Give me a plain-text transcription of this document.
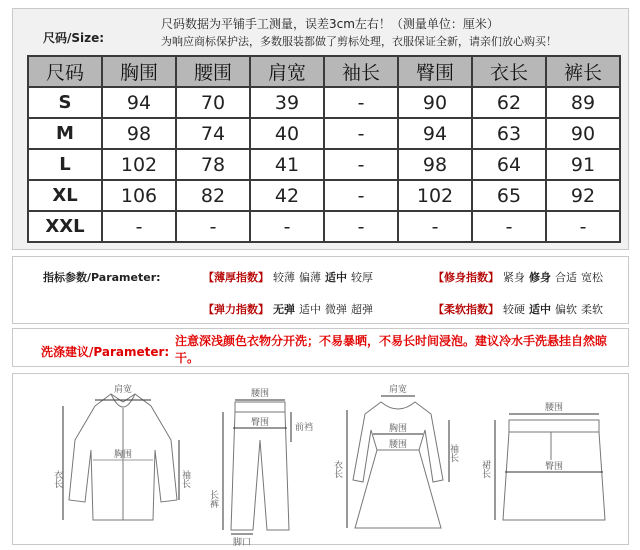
尺码/Size:
尺码数据为平铺手工测量，误差3cm左右！（测量单位：厘米）
为响应商标保护法，多数服装都做了剪标处理，衣服保证全新，请亲们放心购买！
尺码	胸围	腰围	肩宽	袖长	臀围	衣长	裤长
S	94	70	39	-	90	62	89
M	98	74	40	-	94	63	90
L	102	78	41	-	98	64	91
XL	106	82	42	-	102	65	92
XXL	-	-	-	-	-	-	-
指标参数/Parameter:	【薄厚指数】 较薄 偏薄 适中 较厚	【修身指数】 紧身 修身 合适 宽松
【弹力指数】 无弹 适中 微弹 超弹	【柔软指数】 较硬 适中 偏软 柔软
洗涤建议/Parameter:
注意深浅颜色衣物分开洗；不易暴晒，不易长时间浸泡。建议冷水手洗悬挂自然晾干。
肩宽
胸围
衣长	袖长
腰围
臀围	前裆
长裤
脚口
肩宽
胸围
腰围
衣长
袖长
腰围
臀围
裙长
